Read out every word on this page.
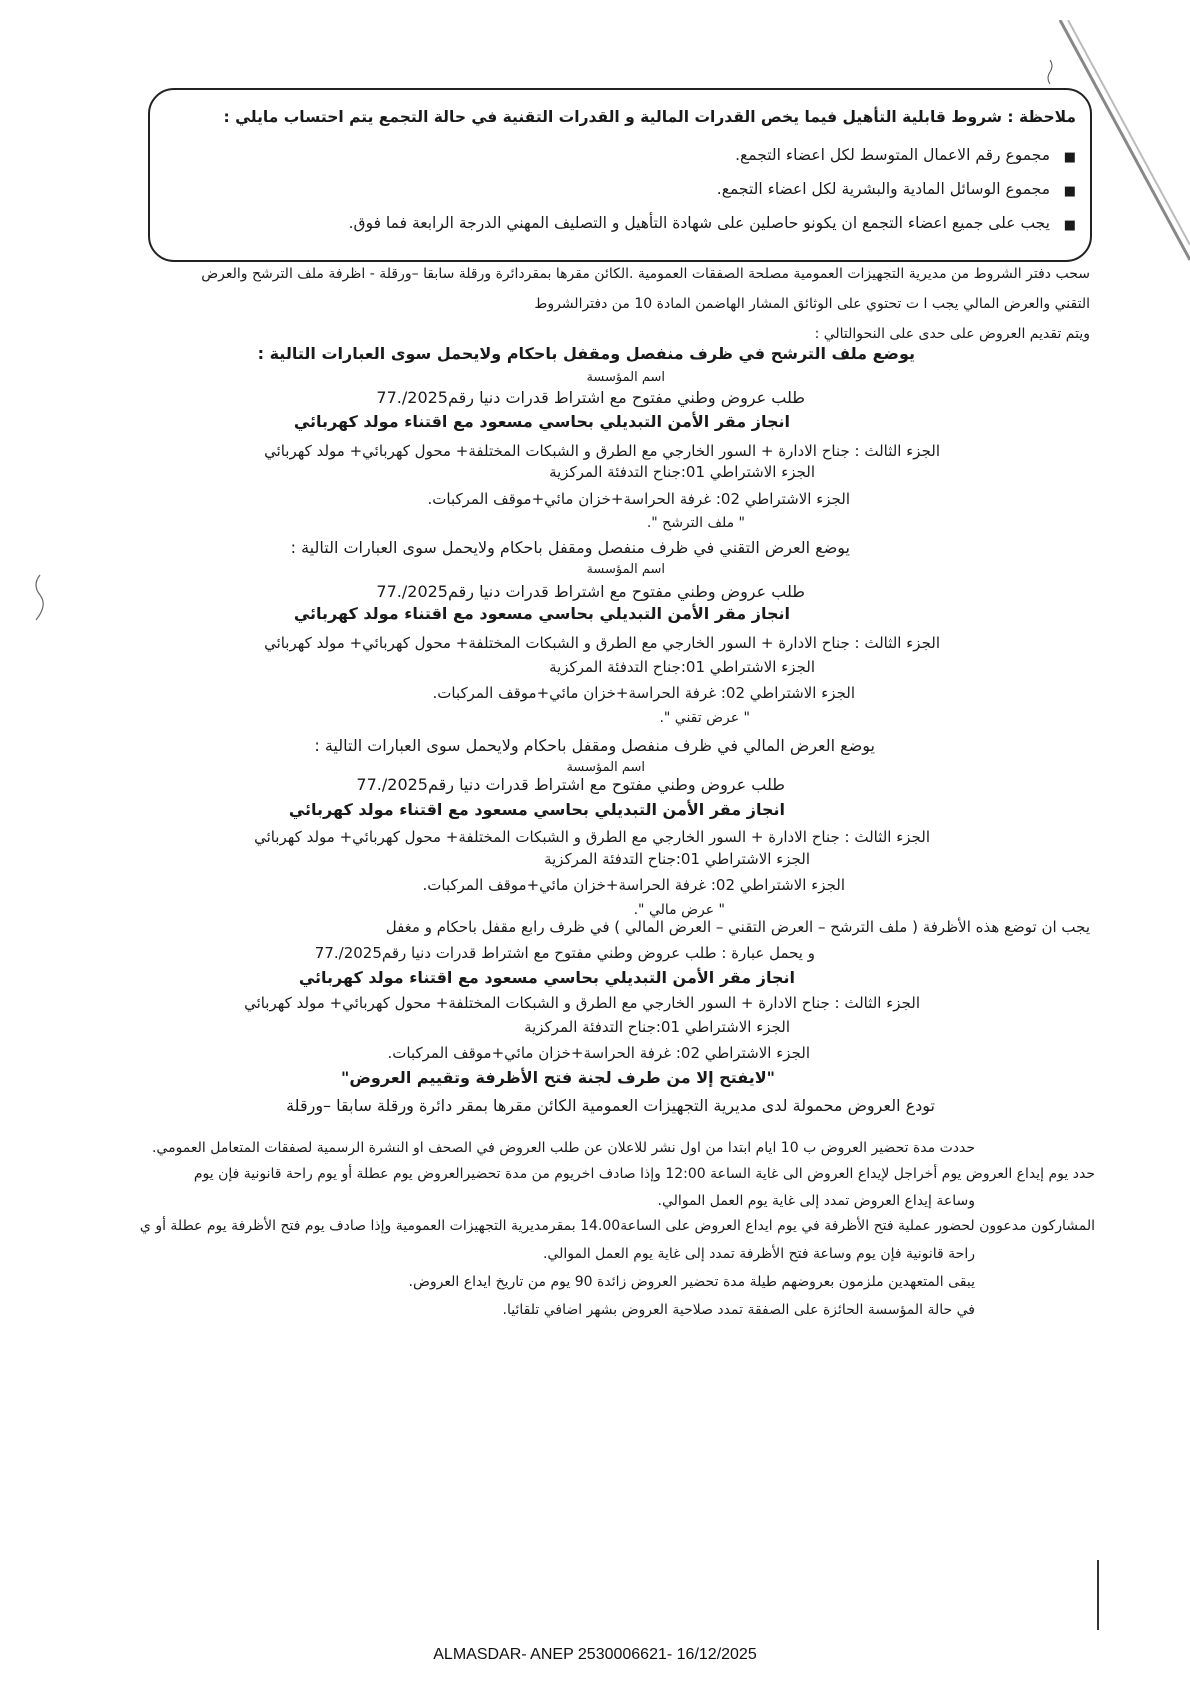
ملاحظة : شروط قابلية التأهيل فيما يخص القدرات المالية و القدرات التقنية في حالة التجمع يتم احتساب مايلي :
■
مجموع رقم الاعمال المتوسط لكل اعضاء التجمع.
■
مجموع الوسائل المادية والبشرية لكل اعضاء التجمع.
■
يجب على جميع اعضاء التجمع ان يكونو حاصلين على شهادة التأهيل و التصليف المهني الدرجة الرابعة فما فوق.
سحب دفتر الشروط من مديرية التجهيزات العمومية مصلحة الصفقات العمومية .الكائن مقرها بمقردائرة ورقلة سابقا –ورقلة - اظرفة ملف الترشح والعرض
التقني والعرض المالي يجب ا ت تحتوي على الوثائق المشار الهاضمن المادة 10 من دفترالشروط
ويتم تقديم العروض على حدى على النحوالتالي :
يوضع ملف الترشح في ظرف منفصل ومقفل باحكام ولايحمل سوى العبارات التالية :
اسم المؤسسة
طلب عروض وطني مفتوح مع اشتراط قدرات دنيا رقم2025/.77
انجاز مقر الأمن التبديلي بحاسي مسعود مع اقتناء مولد كهربائي
الجزء الثالث : جناح الادارة + السور الخارجي مع الطرق و الشبكات المختلفة+ محول كهربائي+ مولد كهربائي
الجزء الاشتراطي 01:جناح التدفئة المركزية
الجزء الاشتراطي 02: غرفة الحراسة+خزان مائي+موقف المركبات.
" ملف الترشح ".
يوضع العرض التقني في ظرف منفصل ومقفل باحكام ولايحمل سوى العبارات التالية :
اسم المؤسسة
طلب عروض وطني مفتوح مع اشتراط قدرات دنيا رقم2025/.77
انجاز مقر الأمن التبديلي بحاسي مسعود مع اقتناء مولد كهربائي
الجزء الثالث : جناح الادارة + السور الخارجي مع الطرق و الشبكات المختلفة+ محول كهربائي+ مولد كهربائي
الجزء الاشتراطي 01:جناح التدفئة المركزية
الجزء الاشتراطي 02: غرفة الحراسة+خزان مائي+موقف المركبات.
" عرض تقني ".
يوضع العرض المالي في ظرف منفصل ومقفل باحكام ولايحمل سوى العبارات التالية :
اسم المؤسسة
طلب عروض وطني مفتوح مع اشتراط قدرات دنيا رقم2025/.77
انجاز مقر الأمن التبديلي بحاسي مسعود مع اقتناء مولد كهربائي
الجزء الثالث : جناح الادارة + السور الخارجي مع الطرق و الشبكات المختلفة+ محول كهربائي+ مولد كهربائي
الجزء الاشتراطي 01:جناح التدفئة المركزية
الجزء الاشتراطي 02: غرفة الحراسة+خزان مائي+موقف المركبات.
" عرض مالي ".
يجب ان توضع هذه الأظرفة ( ملف الترشح – العرض التقني – العرض المالي ) في ظرف رابع مقفل باحكام و مغفل
و يحمل عبارة : طلب عروض وطني مفتوح مع اشتراط قدرات دنيا رقم2025/.77
انجاز مقر الأمن التبديلي بحاسي مسعود مع اقتناء مولد كهربائي
الجزء الثالث : جناح الادارة + السور الخارجي مع الطرق و الشبكات المختلفة+ محول كهربائي+ مولد كهربائي
الجزء الاشتراطي 01:جناح التدفئة المركزية
الجزء الاشتراطي 02: غرفة الحراسة+خزان مائي+موقف المركبات.
"لايفتح إلا من طرف لجنة فتح الأظرفة وتقييم العروض"
تودع العروض محمولة لدى مديرية التجهيزات العمومية الكائن مقرها بمقر دائرة ورقلة سابقا –ورقلة
حددت مدة تحضير العروض ب 10 ايام ابتدا من اول نشر للاعلان عن طلب العروض في الصحف او النشرة الرسمية لصفقات المتعامل العمومي.
حدد يوم إيداع العروض يوم أخراجل لإيداع العروض الى غاية الساعة 12:00 وإذا صادف اخريوم من مدة تحضيرالعروض يوم عطلة أو يوم راحة قانونية فإن يوم
وساعة إيداع العروض تمدد إلى غاية يوم العمل الموالي.
المشاركون مدعوون لحضور عملية فتح الأظرفة في يوم ايداع العروض على الساعة14.00 بمقرمديرية التجهيزات العمومية وإذا صادف يوم فتح الأظرفة يوم عطلة أو ي
راحة قانونية فإن يوم وساعة فتح الأظرفة تمدد إلى غاية يوم العمل الموالي.
يبقى المتعهدين ملزمون بعروضهم طيلة مدة تحضير العروض زائدة 90 يوم من تاريخ ايداع العروض.
في حالة المؤسسة الحائزة على الصفقة تمدد صلاحية العروض بشهر اضافي تلقائيا.
ALMASDAR- ANEP 2530006621- 16/12/2025
